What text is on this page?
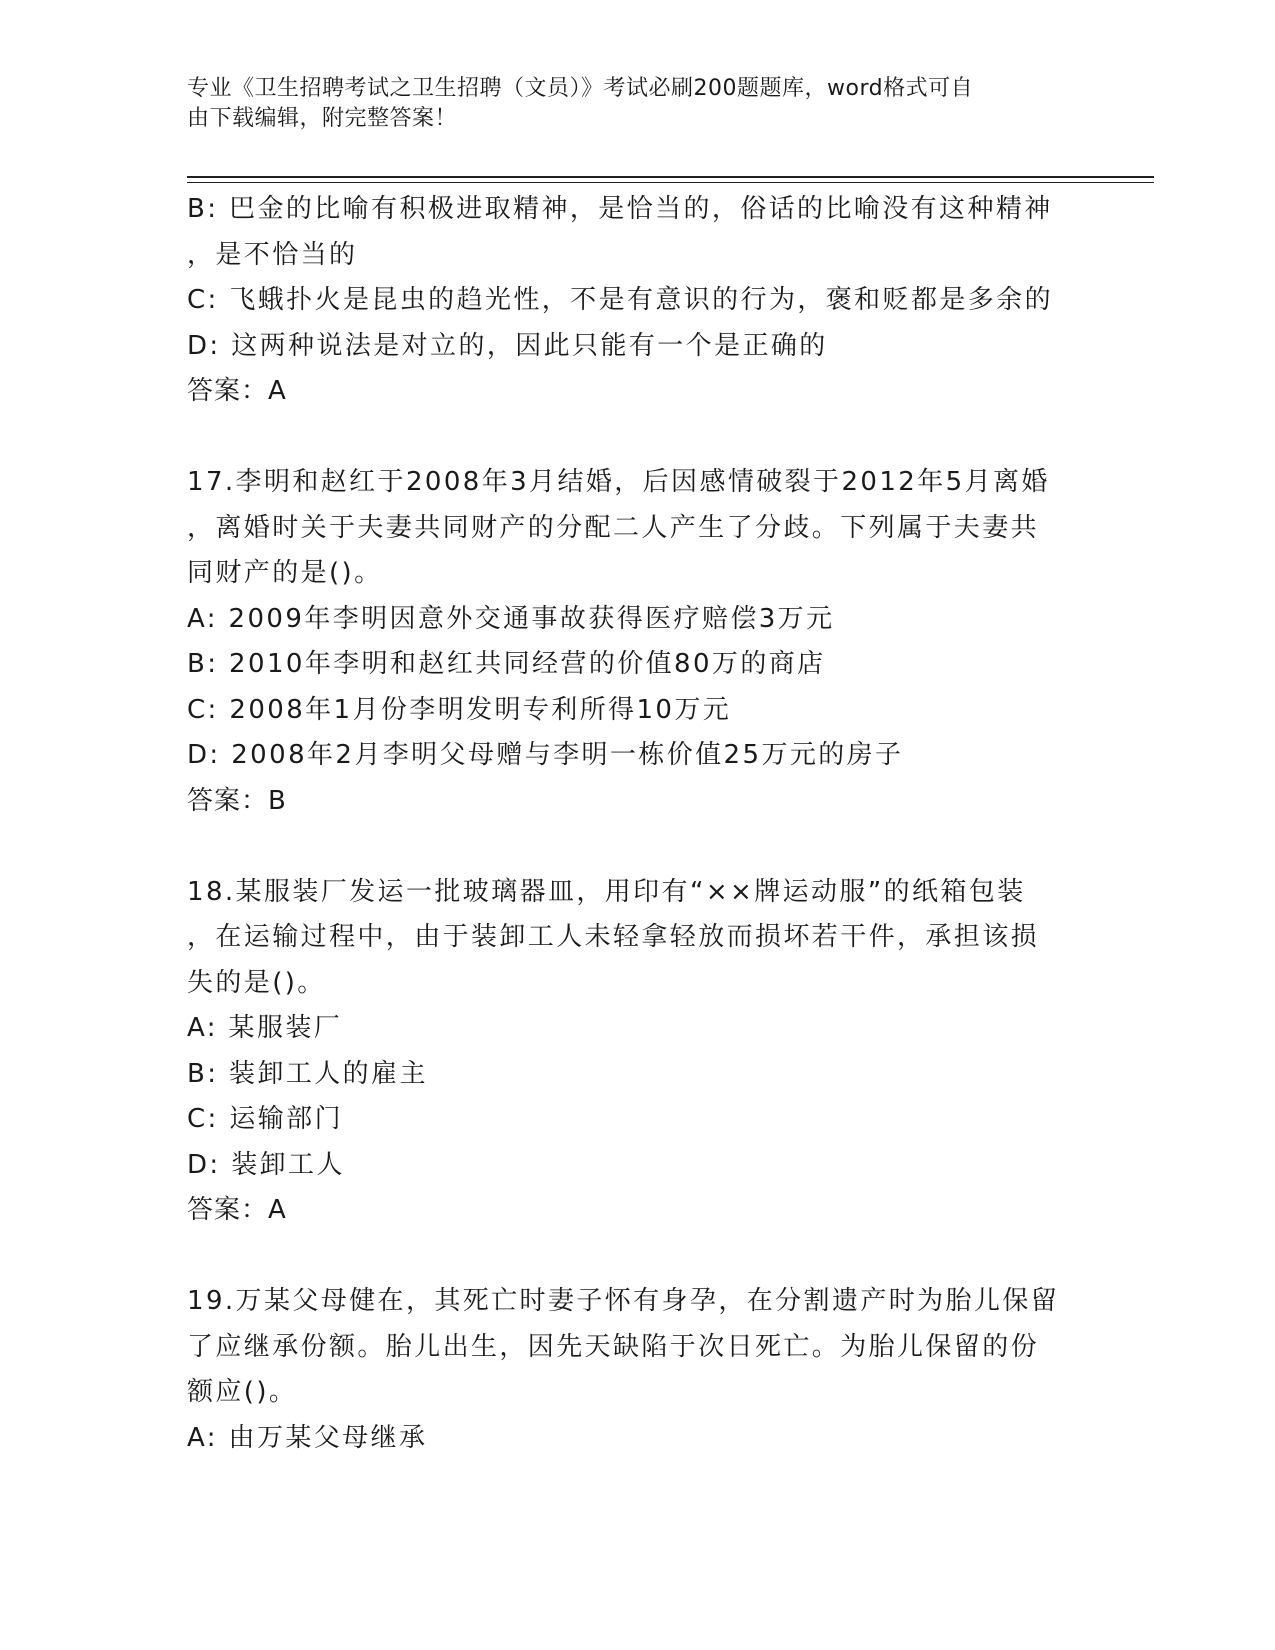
专业《卫生招聘考试之卫生招聘（文员）》考试必刷200题题库，word格式可自
由下载编辑，附完整答案！
B: 巴金的比喻有积极进取精神，是恰当的，俗话的比喻没有这种精神
，是不恰当的
C: 飞蛾扑火是昆虫的趋光性，不是有意识的行为，褒和贬都是多余的
D: 这两种说法是对立的，因此只能有一个是正确的
答案：A
17.李明和赵红于2008年3月结婚，后因感情破裂于2012年5月离婚
，离婚时关于夫妻共同财产的分配二人产生了分歧。下列属于夫妻共
同财产的是()。
A: 2009年李明因意外交通事故获得医疗赔偿3万元
B: 2010年李明和赵红共同经营的价值80万的商店
C: 2008年1月份李明发明专利所得10万元
D: 2008年2月李明父母赠与李明一栋价值25万元的房子
答案：B
18.某服装厂发运一批玻璃器皿，用印有“××牌运动服”的纸箱包装
，在运输过程中，由于装卸工人未轻拿轻放而损坏若干件，承担该损
失的是()。
A: 某服装厂
B: 装卸工人的雇主
C: 运输部门
D: 装卸工人
答案：A
19.万某父母健在，其死亡时妻子怀有身孕，在分割遗产时为胎儿保留
了应继承份额。胎儿出生，因先天缺陷于次日死亡。为胎儿保留的份
额应()。
A: 由万某父母继承
